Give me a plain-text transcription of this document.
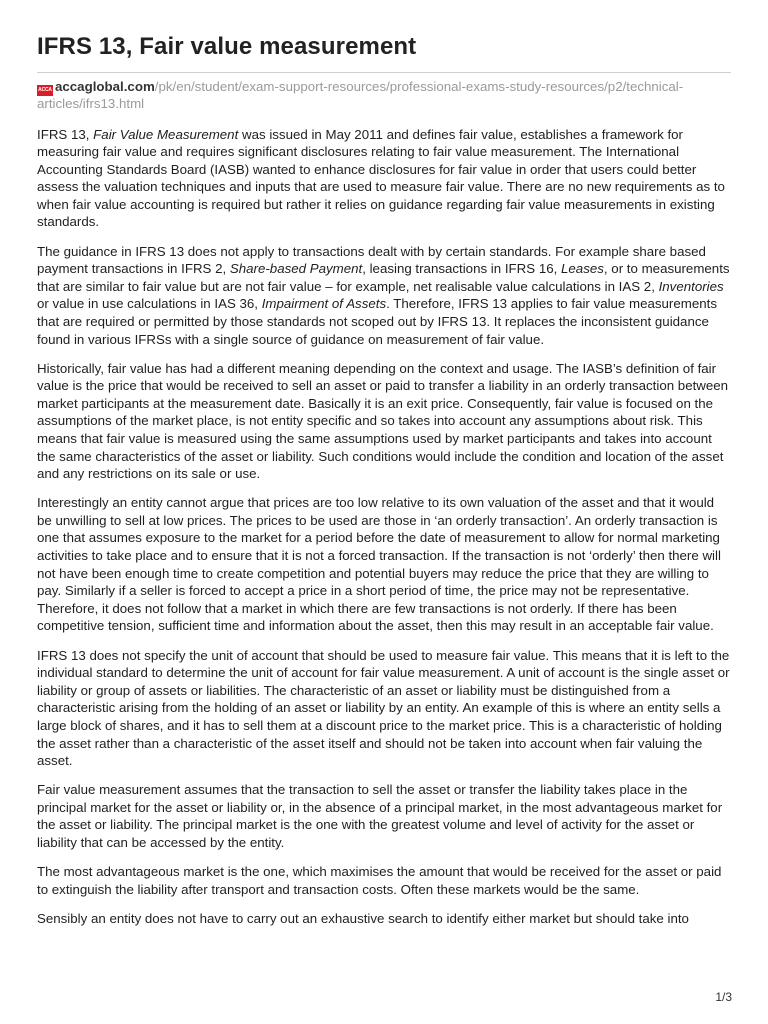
IFRS 13, Fair value measurement
ACCA accaglobal.com/pk/en/student/exam-support-resources/professional-exams-study-resources/p2/technical-articles/ifrs13.html

IFRS 13, Fair Value Measurement was issued in May 2011 and defines fair value, establishes a framework for measuring fair value and requires significant disclosures relating to fair value measurement. The International Accounting Standards Board (IASB) wanted to enhance disclosures for fair value in order that users could better assess the valuation techniques and inputs that are used to measure fair value. There are no new requirements as to when fair value accounting is required but rather it relies on guidance regarding fair value measurements in existing standards.

The guidance in IFRS 13 does not apply to transactions dealt with by certain standards. For example share based payment transactions in IFRS 2, Share-based Payment, leasing transactions in IFRS 16, Leases, or to measurements that are similar to fair value but are not fair value – for example, net realisable value calculations in IAS 2, Inventories or value in use calculations in IAS 36, Impairment of Assets. Therefore, IFRS 13 applies to fair value measurements that are required or permitted by those standards not scoped out by IFRS 13. It replaces the inconsistent guidance found in various IFRSs with a single source of guidance on measurement of fair value.

Historically, fair value has had a different meaning depending on the context and usage. The IASB’s definition of fair value is the price that would be received to sell an asset or paid to transfer a liability in an orderly transaction between market participants at the measurement date. Basically it is an exit price. Consequently, fair value is focused on the assumptions of the market place, is not entity specific and so takes into account any assumptions about risk. This means that fair value is measured using the same assumptions used by market participants and takes into account the same characteristics of the asset or liability. Such conditions would include the condition and location of the asset and any restrictions on its sale or use.

Interestingly an entity cannot argue that prices are too low relative to its own valuation of the asset and that it would be unwilling to sell at low prices. The prices to be used are those in ‘an orderly transaction’. An orderly transaction is one that assumes exposure to the market for a period before the date of measurement to allow for normal marketing activities to take place and to ensure that it is not a forced transaction. If the transaction is not ‘orderly’ then there will not have been enough time to create competition and potential buyers may reduce the price that they are willing to pay. Similarly if a seller is forced to accept a price in a short period of time, the price may not be representative. Therefore, it does not follow that a market in which there are few transactions is not orderly. If there has been competitive tension, sufficient time and information about the asset, then this may result in an acceptable fair value.

IFRS 13 does not specify the unit of account that should be used to measure fair value. This means that it is left to the individual standard to determine the unit of account for fair value measurement. A unit of account is the single asset or liability or group of assets or liabilities. The characteristic of an asset or liability must be distinguished from a characteristic arising from the holding of an asset or liability by an entity. An example of this is where an entity sells a large block of shares, and it has to sell them at a discount price to the market price. This is a characteristic of holding the asset rather than a characteristic of the asset itself and should not be taken into account when fair valuing the asset.

Fair value measurement assumes that the transaction to sell the asset or transfer the liability takes place in the principal market for the asset or liability or, in the absence of a principal market, in the most advantageous market for the asset or liability. The principal market is the one with the greatest volume and level of activity for the asset or liability that can be accessed by the entity.

The most advantageous market is the one, which maximises the amount that would be received for the asset or paid to extinguish the liability after transport and transaction costs. Often these markets would be the same.

Sensibly an entity does not have to carry out an exhaustive search to identify either market but should take into

1/3
